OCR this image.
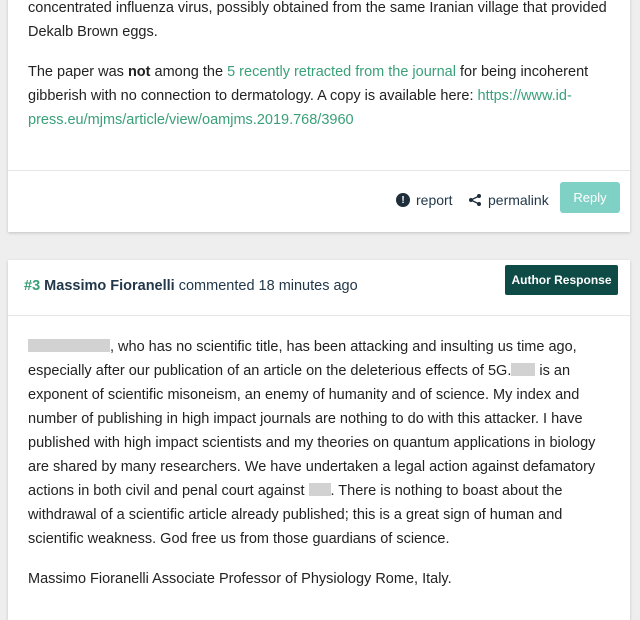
concentrated influenza virus, possibly obtained from the same Iranian village that provided
Dekalb Brown eggs.

The paper was not among the 5 recently retracted from the journal for being incoherent gibberish with no connection to dermatology. A copy is available here: https://www.id-press.eu/mjms/article/view/oamjms.2019.768/3960

! report	permalink	Reply
#3 Massimo Fioranelli commented 18 minutes ago	Author Response

, who has no scientific title, has been attacking and insulting us time ago, especially after our publication of an article on the deleterious effects of 5G. is an exponent of scientific misoneism, an enemy of humanity and of science. My index and number of publishing in high impact journals are nothing to do with this attacker. I have published with high impact scientists and my theories on quantum applications in biology are shared by many researchers. We have undertaken a legal action against defamatory actions in both civil and penal court against . There is nothing to boast about the withdrawal of a scientific article already published; this is a great sign of human and scientific weakness. God free us from those guardians of science.

Massimo Fioranelli Associate Professor of Physiology Rome, Italy.
